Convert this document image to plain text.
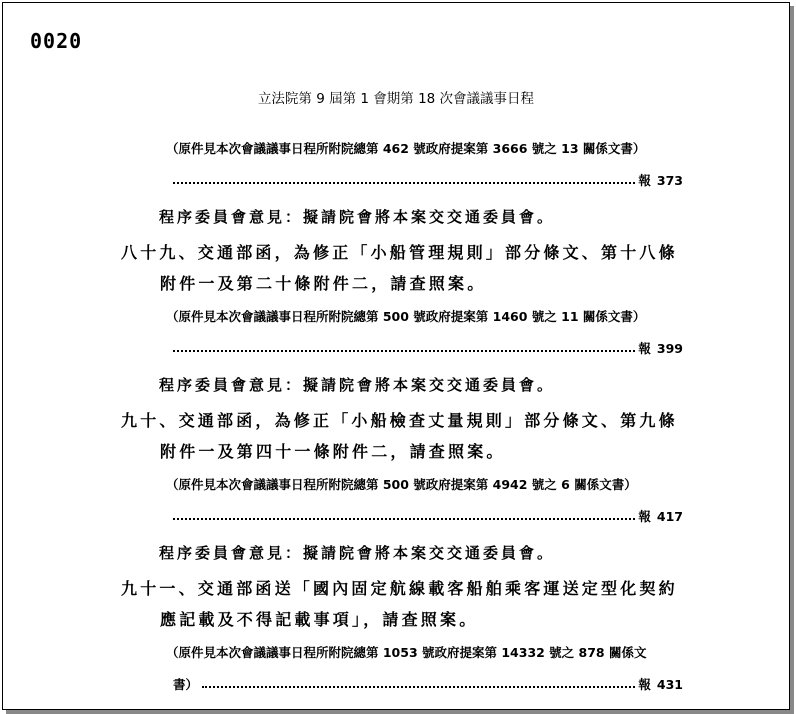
0020
立法院第 9 屆第 1 會期第 18 次會議議事日程
（原件見本次會議議事日程所附院總第 462 號政府提案第 3666 號之 13 關係文書）
報 373
程序委員會意見：擬請院會將本案交交通委員會。
八十九、交通部函，為修正「小船管理規則」部分條文、第十八條
附件一及第二十條附件二，請查照案。
（原件見本次會議議事日程所附院總第 500 號政府提案第 1460 號之 11 關係文書）
報 399
程序委員會意見：擬請院會將本案交交通委員會。
九十、交通部函，為修正「小船檢查丈量規則」部分條文、第九條
附件一及第四十一條附件二，請查照案。
（原件見本次會議議事日程所附院總第 500 號政府提案第 4942 號之 6 關係文書）
報 417
程序委員會意見：擬請院會將本案交交通委員會。
九十一、交通部函送「國內固定航線載客船舶乘客運送定型化契約
應記載及不得記載事項」，請查照案。
（原件見本次會議議事日程所附院總第 1053 號政府提案第 14332 號之 878 關係文
書）	報 431
